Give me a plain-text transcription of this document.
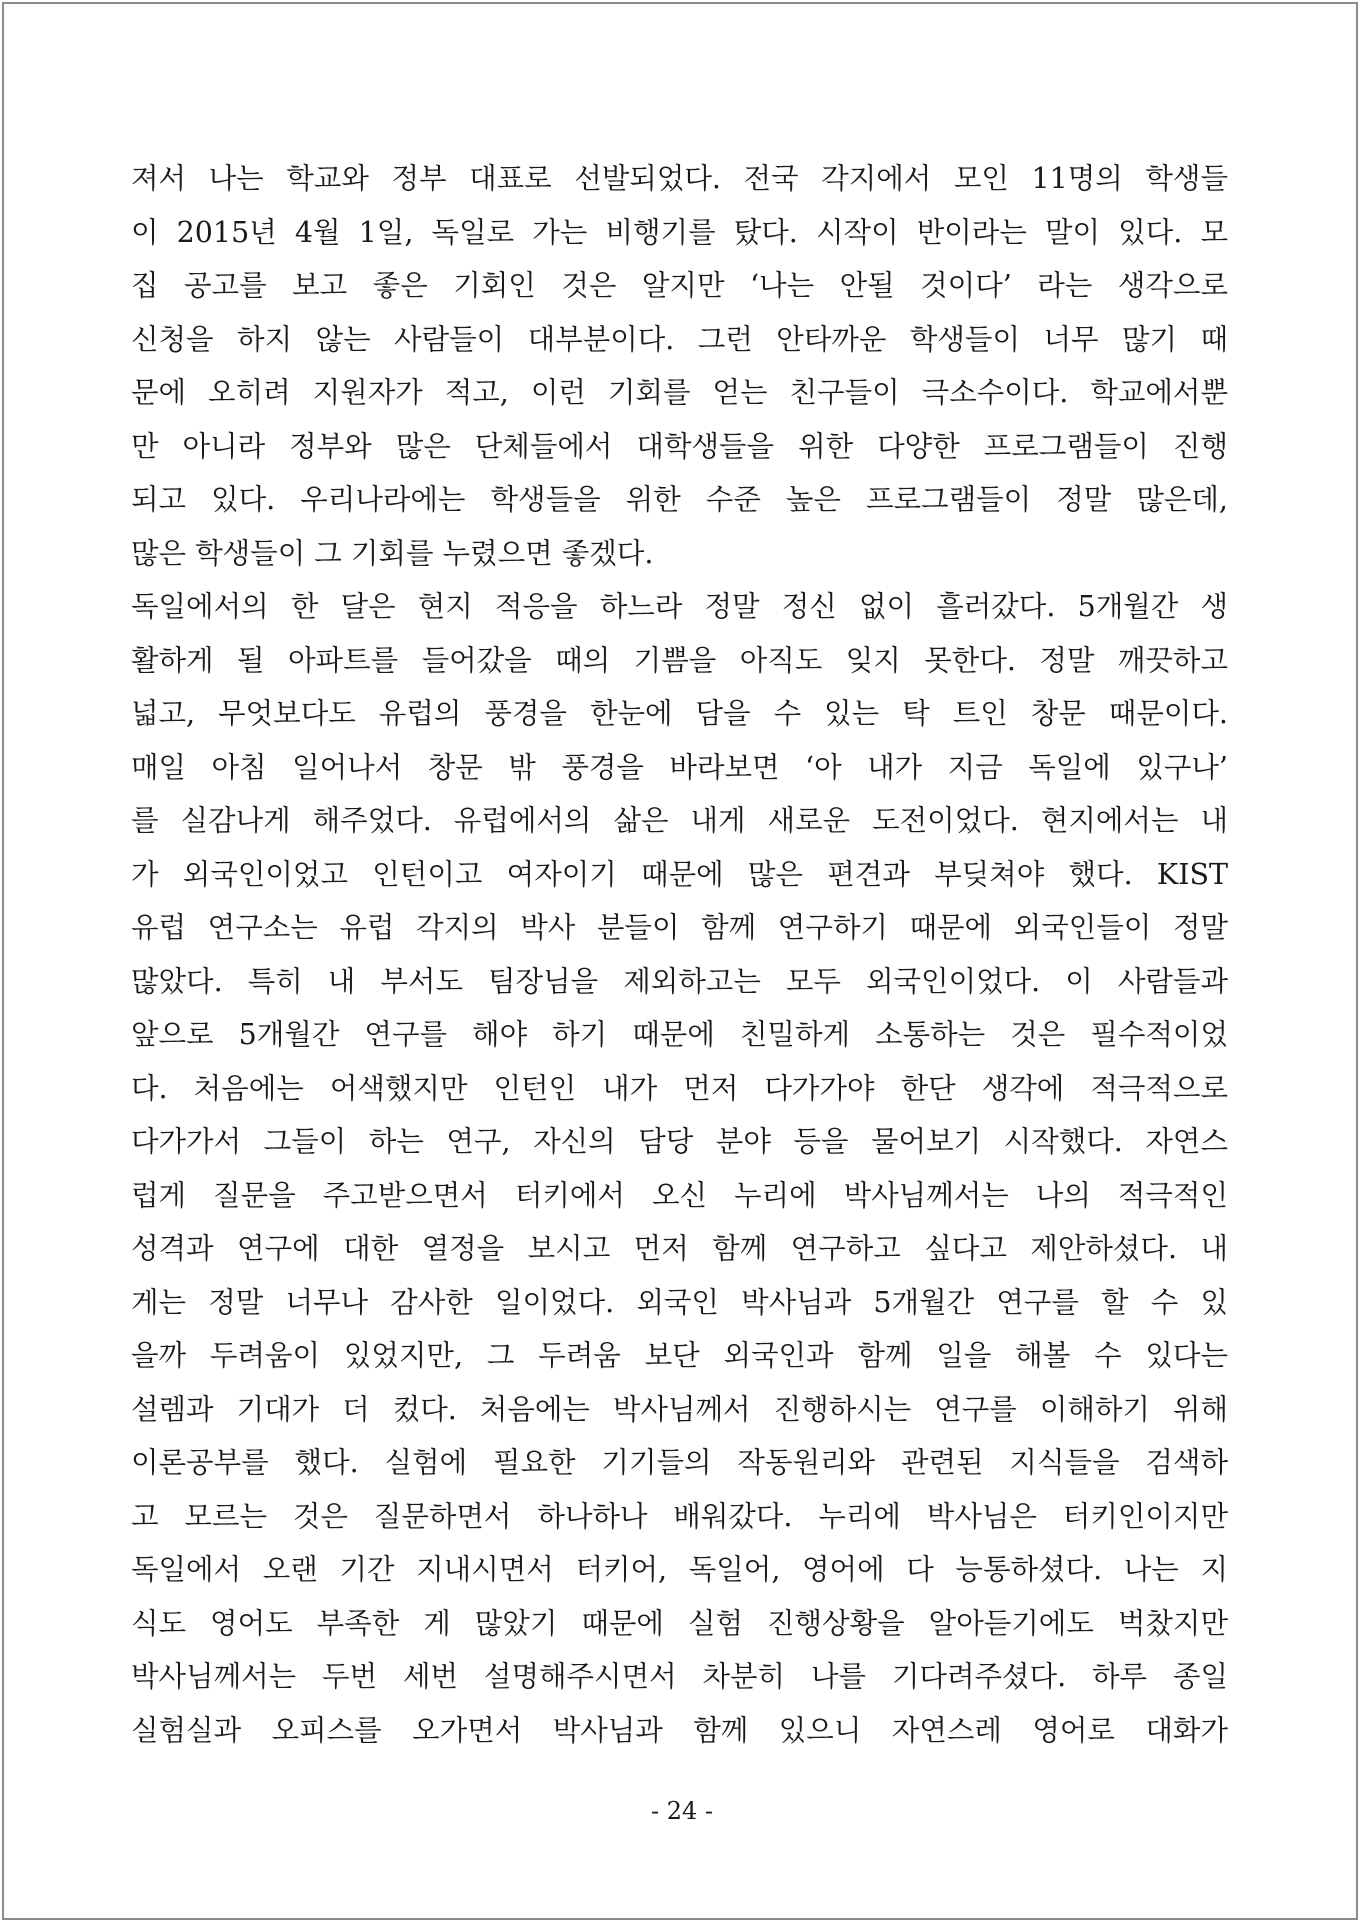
져서 나는 학교와 정부 대표로 선발되었다. 전국 각지에서 모인 11명의 학생들
이 2015년 4월 1일, 독일로 가는 비행기를 탔다. 시작이 반이라는 말이 있다. 모
집 공고를 보고 좋은 기회인 것은 알지만 ‘나는 안될 것이다’ 라는 생각으로
신청을 하지 않는 사람들이 대부분이다. 그런 안타까운 학생들이 너무 많기 때
문에 오히려 지원자가 적고, 이런 기회를 얻는 친구들이 극소수이다. 학교에서뿐
만 아니라 정부와 많은 단체들에서 대학생들을 위한 다양한 프로그램들이 진행
되고 있다. 우리나라에는 학생들을 위한 수준 높은 프로그램들이 정말 많은데,
많은 학생들이 그 기회를 누렸으면 좋겠다.
독일에서의 한 달은 현지 적응을 하느라 정말 정신 없이 흘러갔다. 5개월간 생
활하게 될 아파트를 들어갔을 때의 기쁨을 아직도 잊지 못한다. 정말 깨끗하고
넓고, 무엇보다도 유럽의 풍경을 한눈에 담을 수 있는 탁 트인 창문 때문이다.
매일 아침 일어나서 창문 밖 풍경을 바라보면 ‘아 내가 지금 독일에 있구나’
를 실감나게 해주었다. 유럽에서의 삶은 내게 새로운 도전이었다. 현지에서는 내
가 외국인이었고 인턴이고 여자이기 때문에 많은 편견과 부딪쳐야 했다. KIST
유럽 연구소는 유럽 각지의 박사 분들이 함께 연구하기 때문에 외국인들이 정말
많았다. 특히 내 부서도 팀장님을 제외하고는 모두 외국인이었다. 이 사람들과
앞으로 5개월간 연구를 해야 하기 때문에 친밀하게 소통하는 것은 필수적이었
다. 처음에는 어색했지만 인턴인 내가 먼저 다가가야 한단 생각에 적극적으로
다가가서 그들이 하는 연구, 자신의 담당 분야 등을 물어보기 시작했다. 자연스
럽게 질문을 주고받으면서 터키에서 오신 누리에 박사님께서는 나의 적극적인
성격과 연구에 대한 열정을 보시고 먼저 함께 연구하고 싶다고 제안하셨다. 내
게는 정말 너무나 감사한 일이었다. 외국인 박사님과 5개월간 연구를 할 수 있
을까 두려움이 있었지만, 그 두려움 보단 외국인과 함께 일을 해볼 수 있다는
설렘과 기대가 더 컸다. 처음에는 박사님께서 진행하시는 연구를 이해하기 위해
이론공부를 했다. 실험에 필요한 기기들의 작동원리와 관련된 지식들을 검색하
고 모르는 것은 질문하면서 하나하나 배워갔다. 누리에 박사님은 터키인이지만
독일에서 오랜 기간 지내시면서 터키어, 독일어, 영어에 다 능통하셨다. 나는 지
식도 영어도 부족한 게 많았기 때문에 실험 진행상황을 알아듣기에도 벅찼지만
박사님께서는 두번 세번 설명해주시면서 차분히 나를 기다려주셨다. 하루 종일
실험실과 오피스를 오가면서 박사님과 함께 있으니 자연스레 영어로 대화가
- 24 -
